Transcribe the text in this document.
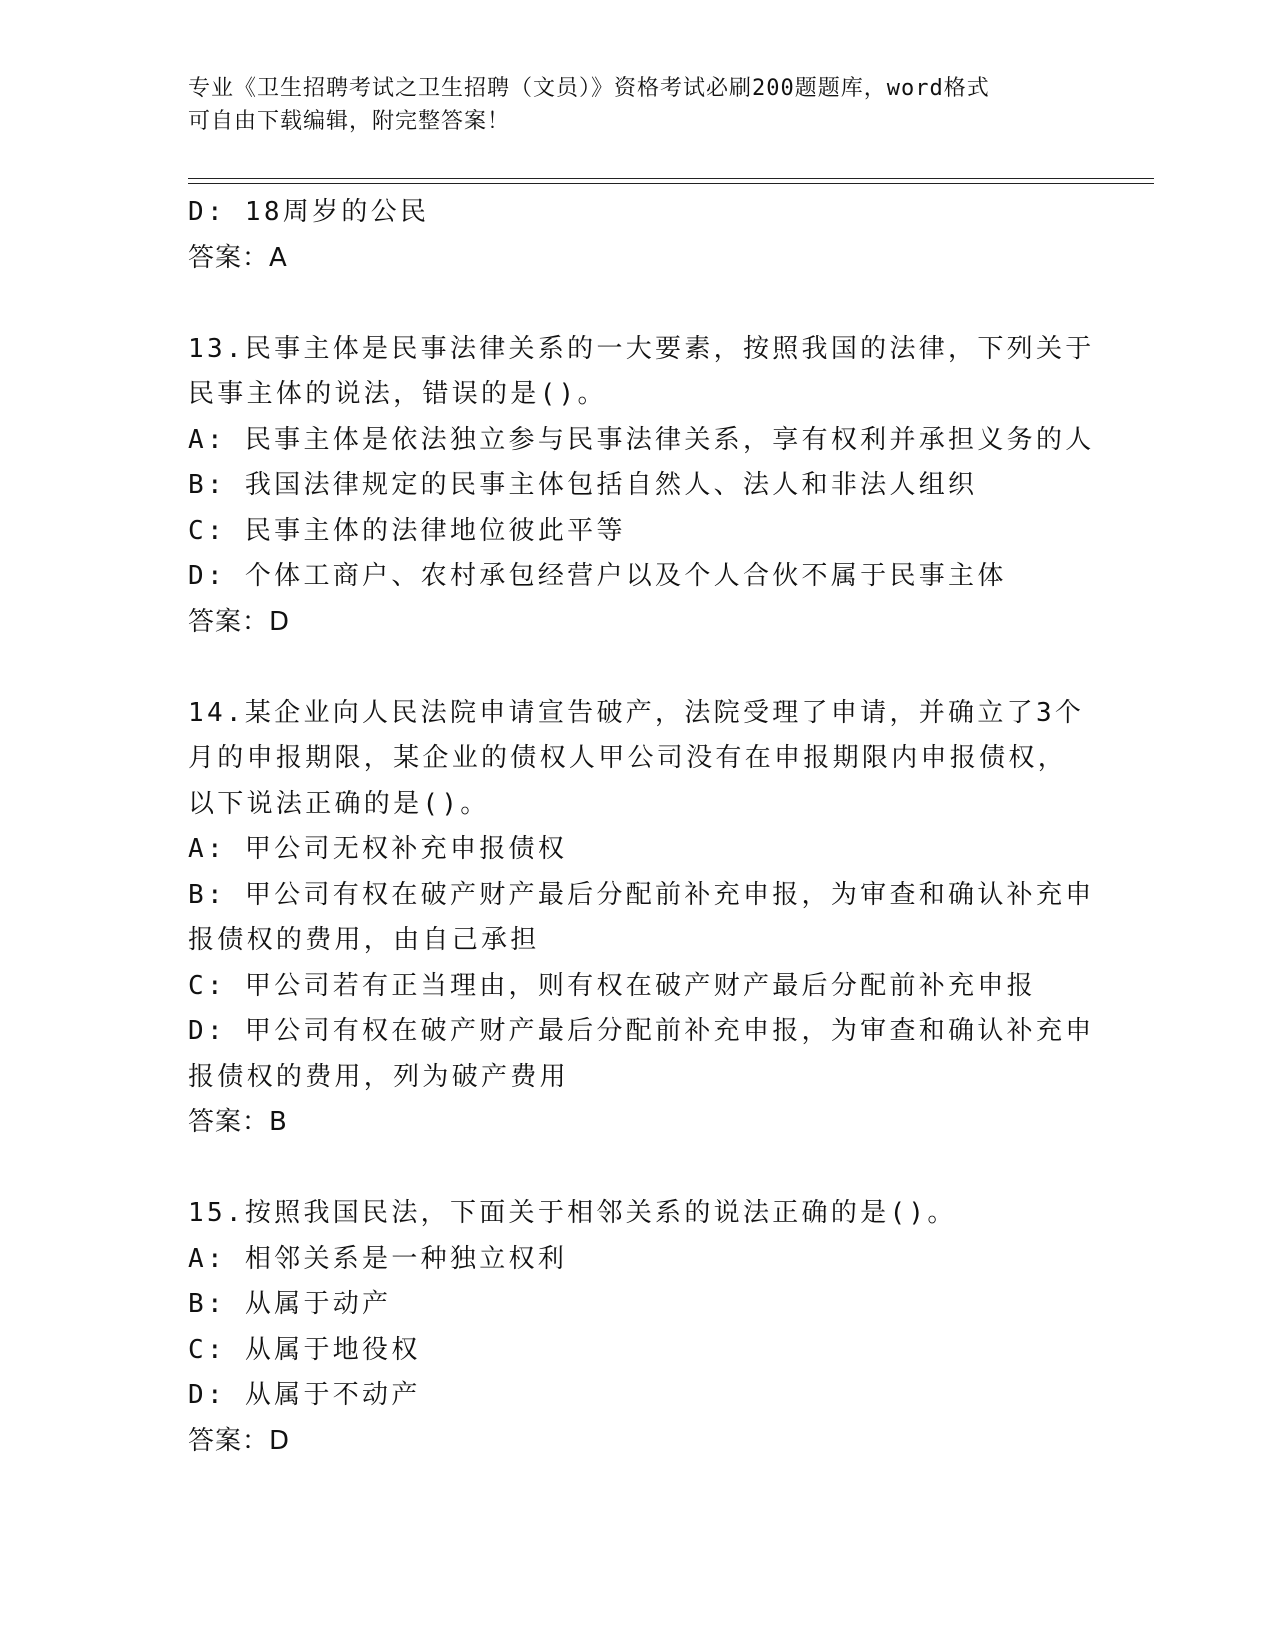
专业《卫生招聘考试之卫生招聘（文员）》资格考试必刷200题题库，word格式
可自由下载编辑，附完整答案！
D: 18周岁的公民
答案：A
13.民事主体是民事法律关系的一大要素，按照我国的法律，下列关于
民事主体的说法，错误的是()。
A: 民事主体是依法独立参与民事法律关系，享有权利并承担义务的人
B: 我国法律规定的民事主体包括自然人、法人和非法人组织
C: 民事主体的法律地位彼此平等
D: 个体工商户、农村承包经营户以及个人合伙不属于民事主体
答案：D
14.某企业向人民法院申请宣告破产，法院受理了申请，并确立了3个
月的申报期限，某企业的债权人甲公司没有在申报期限内申报债权，
以下说法正确的是()。
A: 甲公司无权补充申报债权
B: 甲公司有权在破产财产最后分配前补充申报，为审查和确认补充申
报债权的费用，由自己承担
C: 甲公司若有正当理由，则有权在破产财产最后分配前补充申报
D: 甲公司有权在破产财产最后分配前补充申报，为审查和确认补充申
报债权的费用，列为破产费用
答案：B
15.按照我国民法，下面关于相邻关系的说法正确的是()。
A: 相邻关系是一种独立权利
B: 从属于动产
C: 从属于地役权
D: 从属于不动产
答案：D
